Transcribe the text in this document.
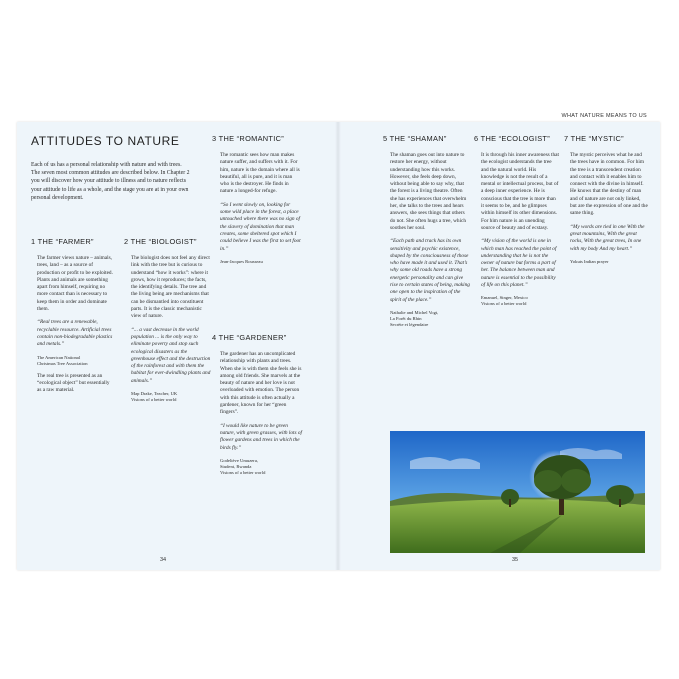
WHAT NATURE MEANS TO US
ATTITUDES TO NATURE
Each of us has a personal relationship with nature and with trees. The seven most common attitudes are described below. In Chapter 2 you will discover how your attitude to illness and to nature reflects your attitude to life as a whole, and the stage you are at in your own personal development.
1 THE “FARMER”

The farmer views nature – animals, trees, land – as a source of production or profit to be exploited. Plants and animals are something apart from himself, requiring no more contact than is necessary to keep them in order and dominate them.

“Real trees are a renewable, recyclable resource. Artificial trees contain non-biodegradable plastics and metals.”

The American National
Christmas Tree Association

The real tree is presented as an “ecological object” but essentially as a raw material.

2 THE “BIOLOGIST”

The biologist does not feel any direct link with the tree but is curious to understand “how it works”: where it grows, how it reproduces; the facts, the identifying details. The tree and the living being are mechanisms that can be dismantled into constituent parts. It is the classic mechanistic view of nature.

“... a vast decrease in the world population ... is the only way to eliminate poverty and stop such ecological disasters as the greenhouse effect and the destruction of the rainforest and with them the habitat for ever-dwindling plants and animals.”

Map Drake, Teacher, UK
Visions of a better world
3 THE “ROMANTIC”

The romantic sees how man makes nature suffer, and suffers with it. For him, nature is the domain where all is beautiful, all is pure, and it is man who is the destroyer. He finds in nature a longed-for refuge.

“So I went slowly on, looking for some wild place in the forest, a place untouched where there was no sign of the slavery of domination that man creates, some sheltered spot which I could believe I was the first to set foot in.”

Jean-Jacques Rousseau
4 THE “GARDENER”

The gardener has an uncomplicated relationship with plants and trees. When she is with them she feels she is among old friends. She marvels at the beauty of nature and her love is not overloaded with emotion. The person with this attitude is often actually a gardener, known for her “green fingers”.

“I would like nature to be green nature, with green grasses, with lots of flower gardens and trees in which the birds fly.”

Godeliève Umuzera,
Student, Rwanda
Visions of a better world
5 THE “SHAMAN”

The shaman goes out into nature to restore her energy, without understanding how this works. However, she feels deep down, without being able to say why, that the forest is a living theatre. Often she has experiences that overwhelm her, she talks to the trees and hears answers, she sees things that others do not. She often hugs a tree, which soothes her soul.

“Each path and track has its own sensitivity and psychic existence, shaped by the consciousness of those who have made it and used it. That’s why some old roads have a strong energetic personality and can give rise to certain states of being, making one open to the inspiration of the spirit of the place.”

Nathalie and Michel Vogt,
La Forêt du Rhin
Secrète et légendaire
6 THE “ECOLOGIST”

It is through his inner awareness that the ecologist understands the tree and the natural world. His knowledge is not the result of a mental or intellectual process, but of a deep inner experience. He is conscious that the tree is more than it seems to be, and he glimpses within himself its other dimensions. For him nature is an unending source of beauty and of ecstasy.

“My vision of the world is one in which man has reached the point of understanding that he is not the owner of nature but forms a part of her. The balance between man and nature is essential to the possibility of life on this planet.”

Emanuel, Singer, Mexico
Visions of a better world
7 THE “MYSTIC”

The mystic perceives what he and the trees have in common. For him the tree is a transcendent creation and contact with it enables him to connect with the divine in himself. He knows that the destiny of man and of nature are not only linked, but are the expression of one and the same thing.

“My words are tied in one With the great mountains, With the great rocks, With the great trees, In one with my body And my heart.”

Yokuts Indian prayer
34	35
